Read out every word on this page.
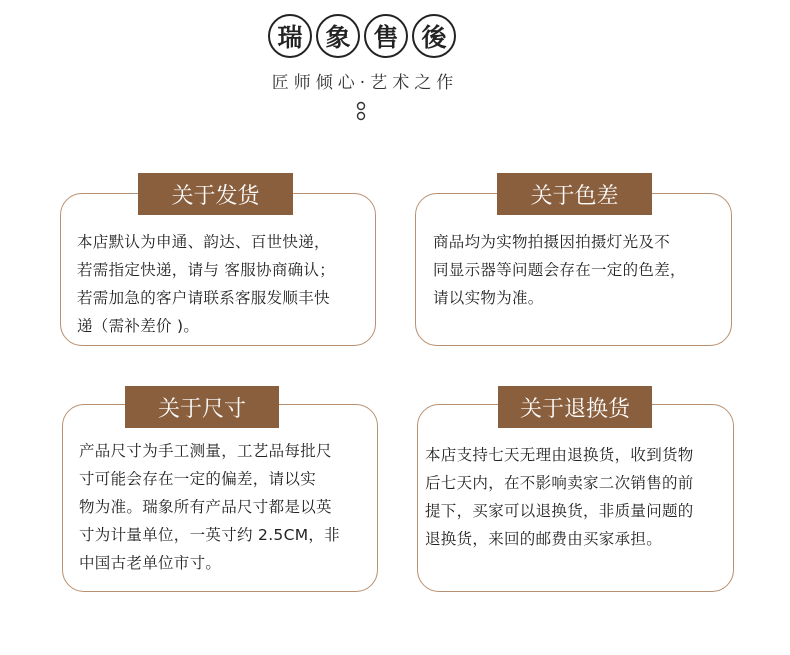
瑞 象 售 後
匠师倾心·艺术之作
本店默认为申通、韵达、百世快递，
若需指定快递，请与 客服协商确认；
若需加急的客户请联系客服发顺丰快
递（需补差价 )。
关于发货
商品均为实物拍摄因拍摄灯光及不
同显示器等问题会存在一定的色差，
请以实物为准。
关于色差
产品尺寸为手工测量，工艺品每批尺
寸可能会存在一定的偏差，请以实
物为准。瑞象所有产品尺寸都是以英
寸为计量单位，一英寸约 2.5CM，非
中国古老单位市寸。
关于尺寸
本店支持七天无理由退换货，收到货物
后七天内，在不影响卖家二次销售的前
提下，买家可以退换货，非质量问题的
退换货，来回的邮费由买家承担。
关于退换货
